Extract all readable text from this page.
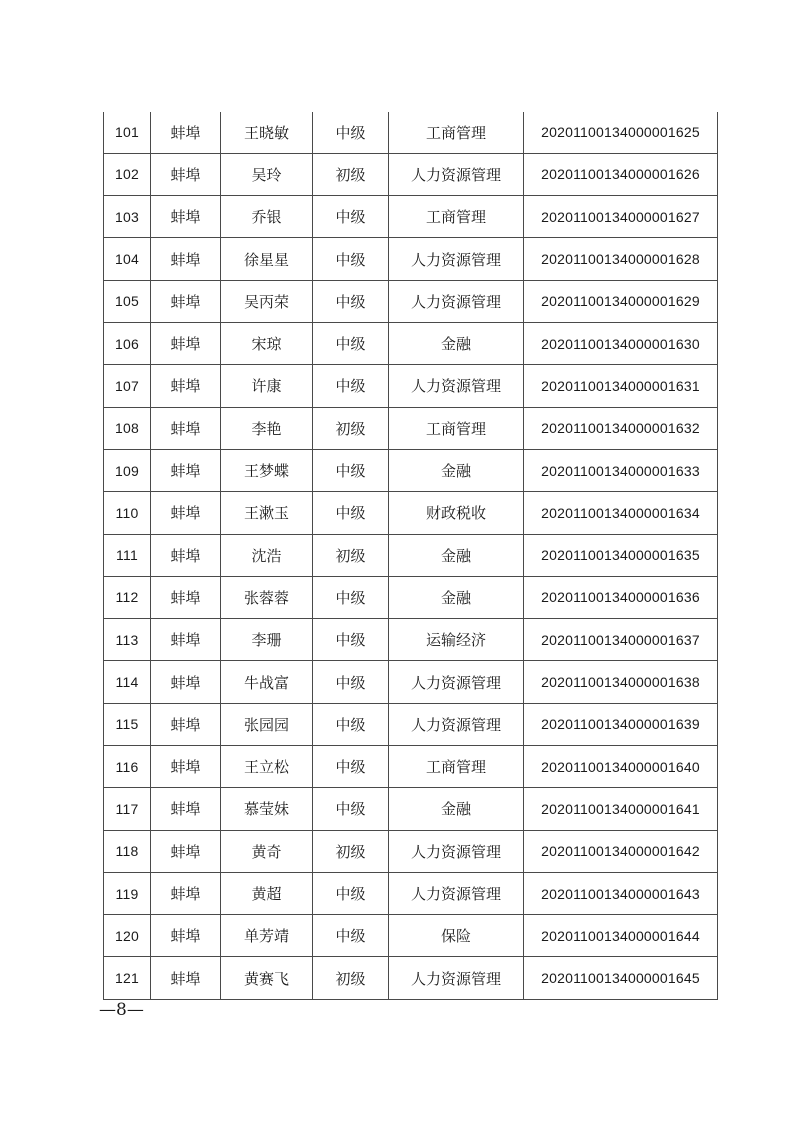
101	蚌埠	王晓敏	中级	工商管理	20201100134000001625
102	蚌埠	吴玲	初级	人力资源管理	20201100134000001626
103	蚌埠	乔银	中级	工商管理	20201100134000001627
104	蚌埠	徐星星	中级	人力资源管理	20201100134000001628
105	蚌埠	吴丙荣	中级	人力资源管理	20201100134000001629
106	蚌埠	宋琼	中级	金融	20201100134000001630
107	蚌埠	许康	中级	人力资源管理	20201100134000001631
108	蚌埠	李艳	初级	工商管理	20201100134000001632
109	蚌埠	王梦蝶	中级	金融	20201100134000001633
110	蚌埠	王漱玉	中级	财政税收	20201100134000001634
111	蚌埠	沈浩	初级	金融	20201100134000001635
112	蚌埠	张蓉蓉	中级	金融	20201100134000001636
113	蚌埠	李珊	中级	运输经济	20201100134000001637
114	蚌埠	牛战富	中级	人力资源管理	20201100134000001638
115	蚌埠	张园园	中级	人力资源管理	20201100134000001639
116	蚌埠	王立松	中级	工商管理	20201100134000001640
117	蚌埠	慕莹妹	中级	金融	20201100134000001641
118	蚌埠	黄奇	初级	人力资源管理	20201100134000001642
119	蚌埠	黄超	中级	人力资源管理	20201100134000001643
120	蚌埠	单芳靖	中级	保险	20201100134000001644
121	蚌埠	黄赛飞	初级	人力资源管理	20201100134000001645
—8—
